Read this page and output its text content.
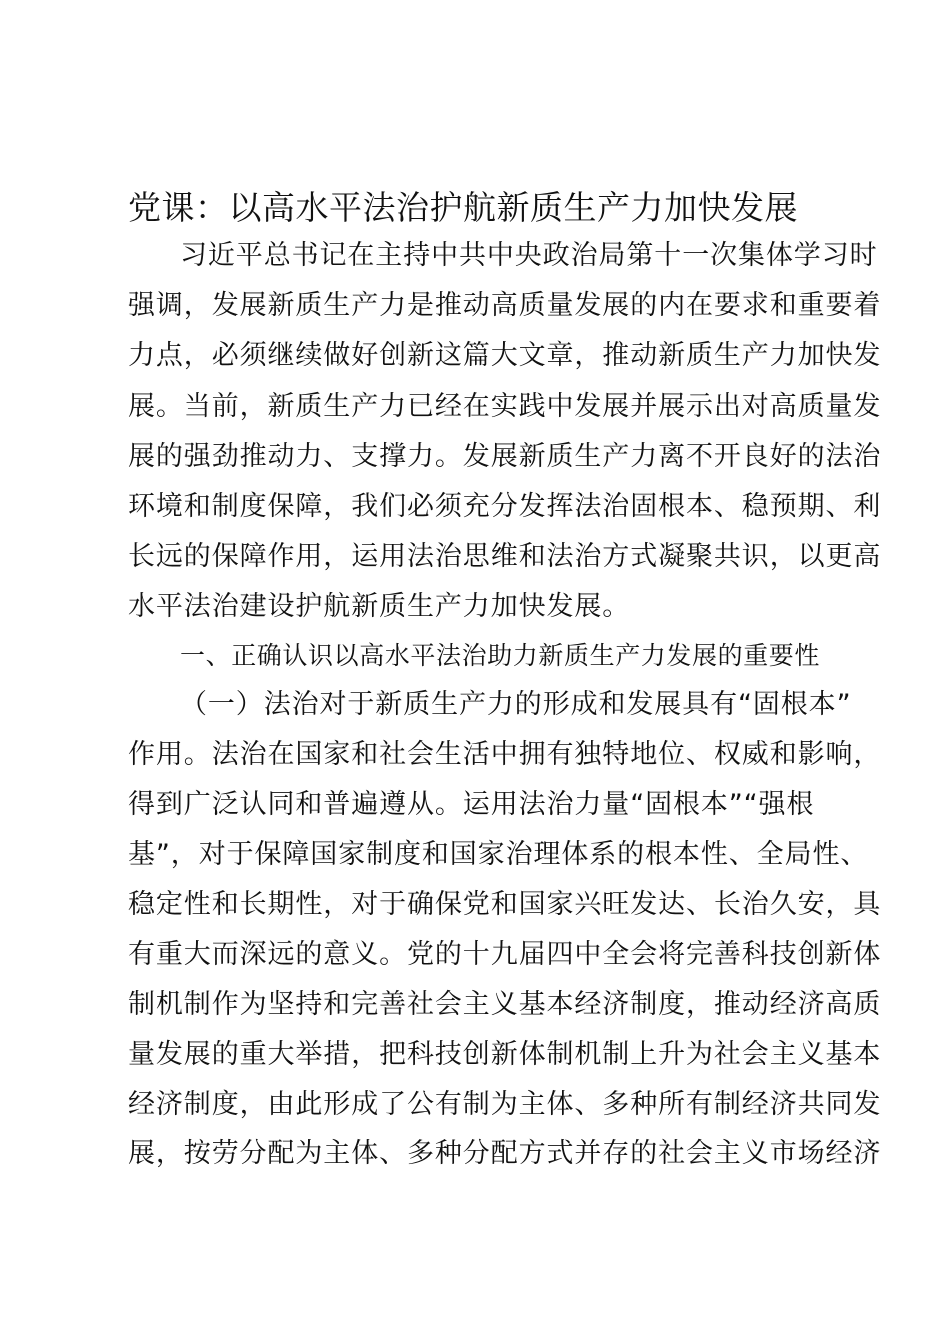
党课：以高水平法治护航新质生产力加快发展

习近平总书记在主持中共中央政治局第十一次集体学习时

强调，发展新质生产力是推动高质量发展的内在要求和重要着

力点，必须继续做好创新这篇大文章，推动新质生产力加快发

展。当前，新质生产力已经在实践中发展并展示出对高质量发

展的强劲推动力、支撑力。发展新质生产力离不开良好的法治

环境和制度保障，我们必须充分发挥法治固根本、稳预期、利

长远的保障作用，运用法治思维和法治方式凝聚共识，以更高

水平法治建设护航新质生产力加快发展。

一、正确认识以高水平法治助力新质生产力发展的重要性

（一）法治对于新质生产力的形成和发展具有“固根本”

作用。法治在国家和社会生活中拥有独特地位、权威和影响，

得到广泛认同和普遍遵从。运用法治力量“固根本”“强根

基”，对于保障国家制度和国家治理体系的根本性、全局性、

稳定性和长期性，对于确保党和国家兴旺发达、长治久安，具

有重大而深远的意义。党的十九届四中全会将完善科技创新体

制机制作为坚持和完善社会主义基本经济制度，推动经济高质

量发展的重大举措，把科技创新体制机制上升为社会主义基本

经济制度，由此形成了公有制为主体、多种所有制经济共同发

展，按劳分配为主体、多种分配方式并存的社会主义市场经济
